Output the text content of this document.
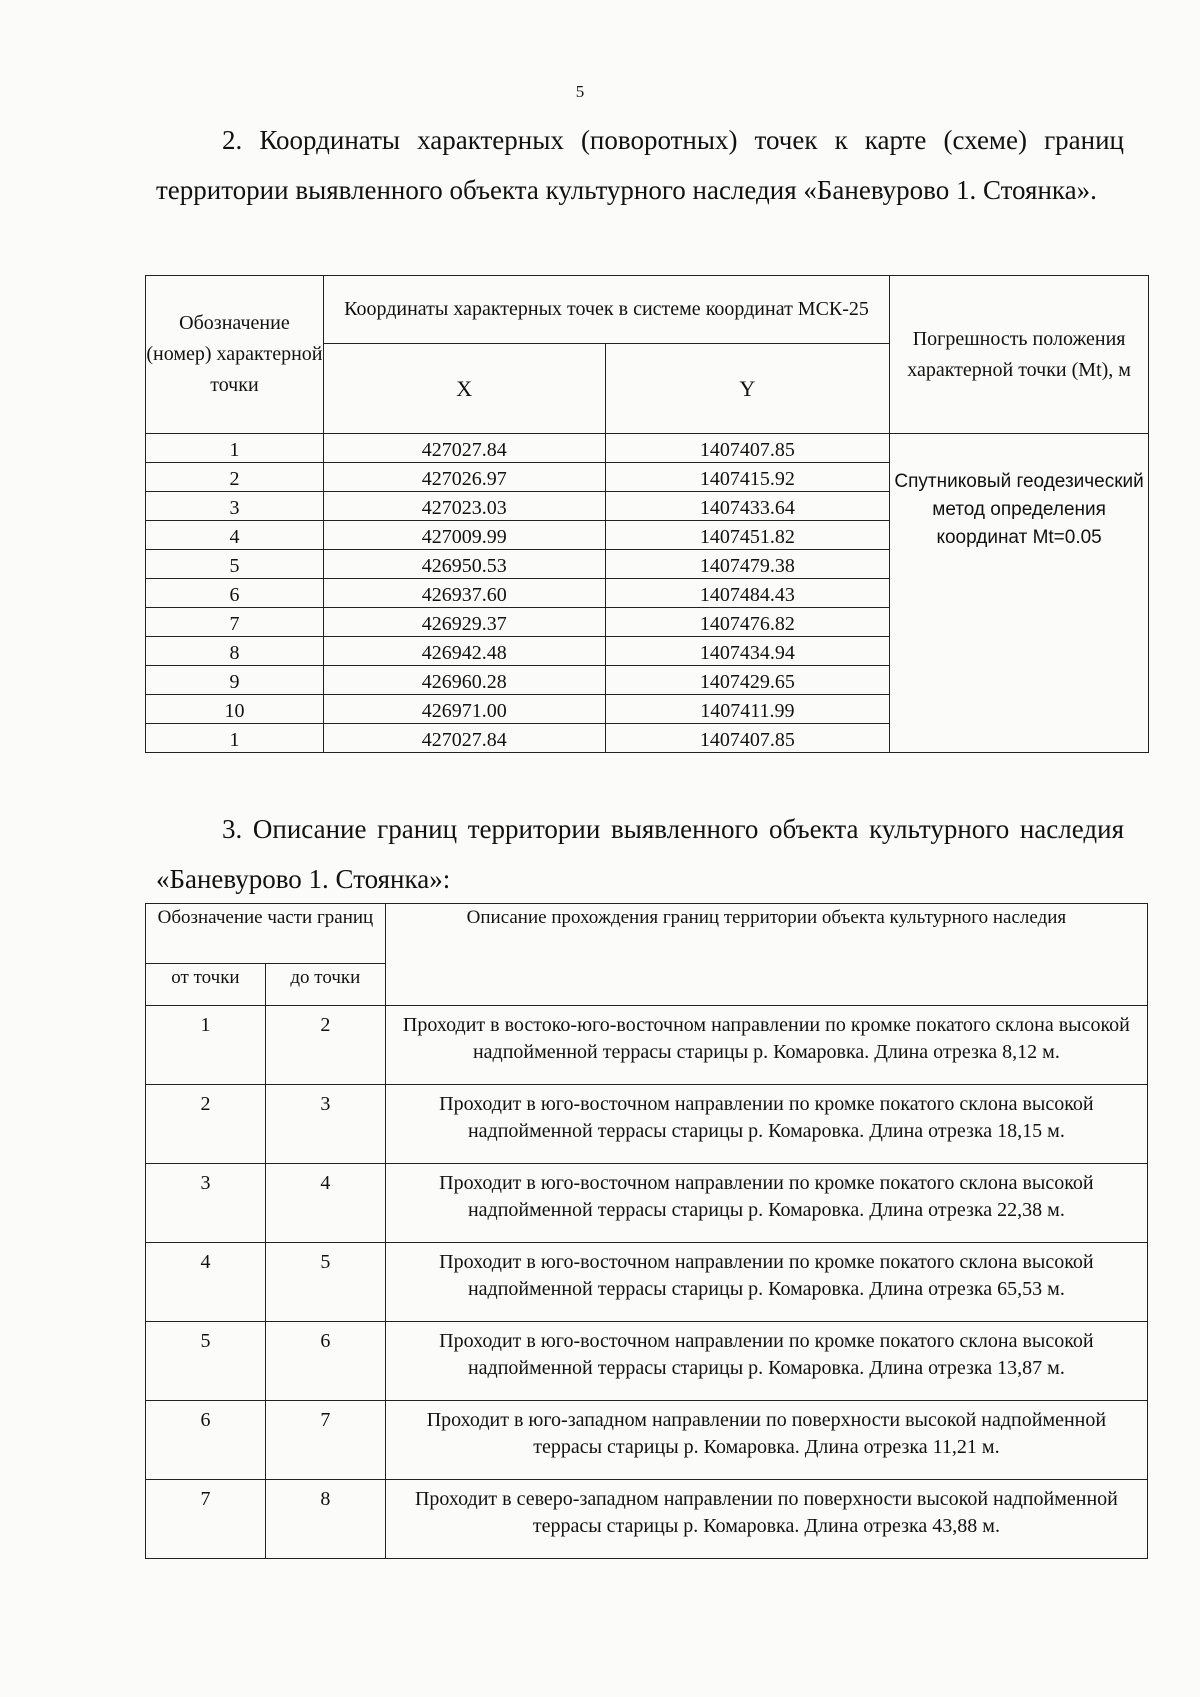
5

2. Координаты характерных (поворотных) точек к карте (схеме) границ территории выявленного объекта культурного наследия «Баневурово 1. Стоянка».

Обозначение (номер) характерной точки	Координаты характерных точек в системе координат МСК-25		Погрешность положения характерной точки (Mt), м
	X	Y	
1	427027.84	1407407.85	Спутниковый геодезический метод определения координат Mt=0.05
2	427026.97	1407415.92	
3	427023.03	1407433.64	
4	427009.99	1407451.82	
5	426950.53	1407479.38	
6	426937.60	1407484.43	
7	426929.37	1407476.82	
8	426942.48	1407434.94	
9	426960.28	1407429.65	
10	426971.00	1407411.99	
1	427027.84	1407407.85	

3. Описание границ территории выявленного объекта культурного наследия «Баневурово 1. Стоянка»:

Обозначение части границ		Описание прохождения границ территории объекта культурного наследия
от точки	до точки	
1	2	Проходит в востоко-юго-восточном направлении по кромке покатого склона высокой надпойменной террасы старицы р. Комаровка. Длина отрезка 8,12 м.
2	3	Проходит в юго-восточном направлении по кромке покатого склона высокой надпойменной террасы старицы р. Комаровка. Длина отрезка 18,15 м.
3	4	Проходит в юго-восточном направлении по кромке покатого склона высокой надпойменной террасы старицы р. Комаровка. Длина отрезка 22,38 м.
4	5	Проходит в юго-восточном направлении по кромке покатого склона высокой надпойменной террасы старицы р. Комаровка. Длина отрезка 65,53 м.
5	6	Проходит в юго-восточном направлении по кромке покатого склона высокой надпойменной террасы старицы р. Комаровка. Длина отрезка 13,87 м.
6	7	Проходит в юго-западном направлении по поверхности высокой надпойменной террасы старицы р. Комаровка. Длина отрезка 11,21 м.
7	8	Проходит в северо-западном направлении по поверхности высокой надпойменной террасы старицы р. Комаровка. Длина отрезка 43,88 м.
